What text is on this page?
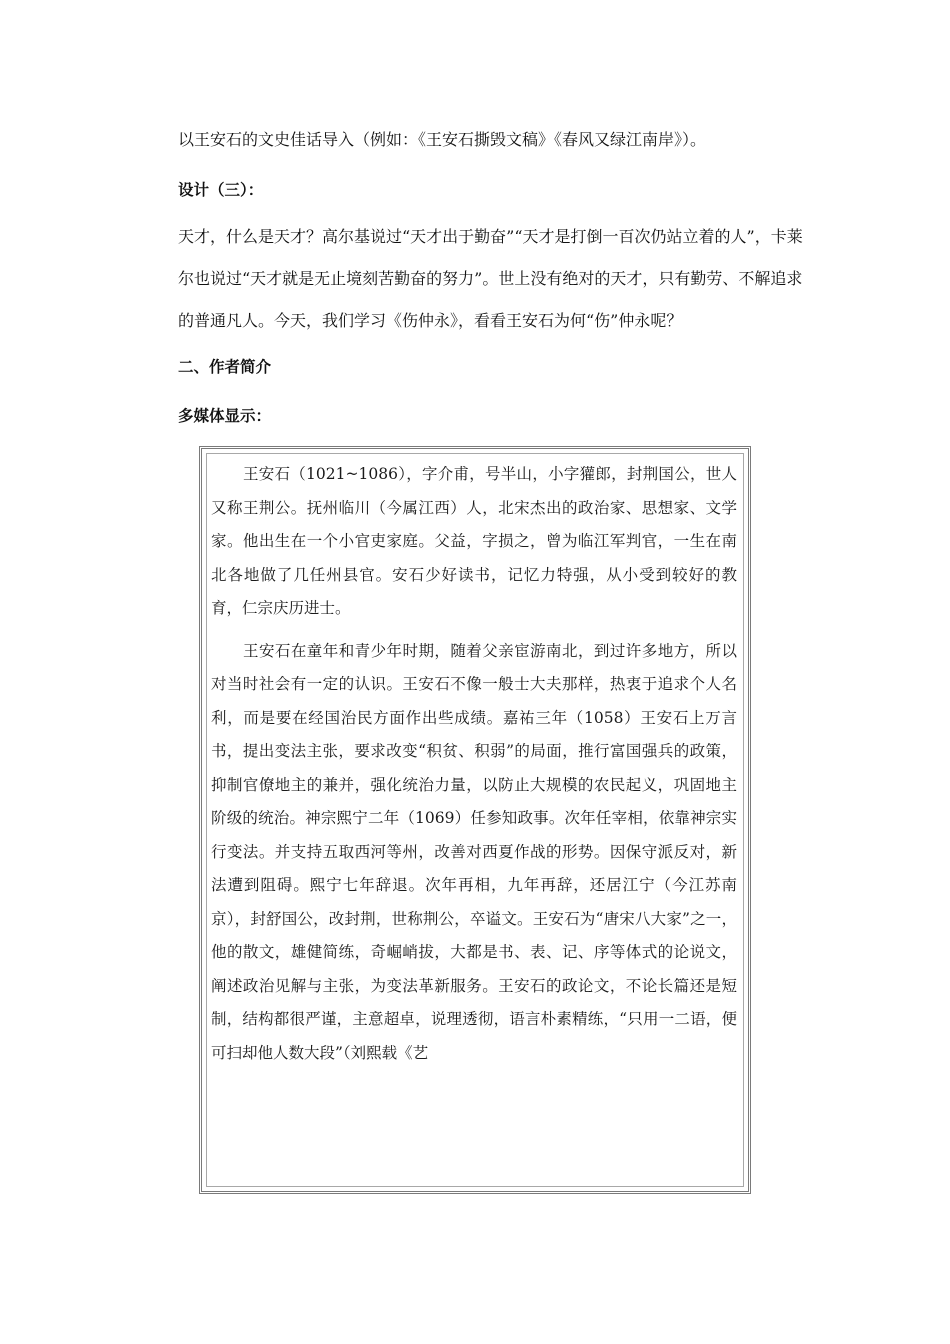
以王安石的文史佳话导入（例如：《王安石撕毁文稿》《春风又绿江南岸》）。

设计（三）：

天才，什么是天才？高尔基说过“天才出于勤奋”“天才是打倒一百次仍站立着的人”，卡莱尔也说过“天才就是无止境刻苦勤奋的努力”。世上没有绝对的天才，只有勤劳、不解追求的普通凡人。今天，我们学习《伤仲永》，看看王安石为何“伤”仲永呢？

二、作者简介

多媒体显示：

王安石（1021~1086），字介甫，号半山，小字獾郎，封荆国公，世人又称王荆公。抚州临川（今属江西）人，北宋杰出的政治家、思想家、文学家。他出生在一个小官吏家庭。父益，字损之，曾为临江军判官，一生在南北各地做了几任州县官。安石少好读书，记忆力特强，从小受到较好的教育，仁宗庆历进士。

王安石在童年和青少年时期，随着父亲宦游南北，到过许多地方，所以对当时社会有一定的认识。王安石不像一般士大夫那样，热衷于追求个人名利，而是要在经国治民方面作出些成绩。嘉祐三年（1058）王安石上万言书，提出变法主张，要求改变“积贫、积弱”的局面，推行富国强兵的政策，抑制官僚地主的兼并，强化统治力量，以防止大规模的农民起义，巩固地主阶级的统治。神宗熙宁二年（1069）任参知政事。次年任宰相，依靠神宗实行变法。并支持五取西河等州，改善对西夏作战的形势。因保守派反对，新法遭到阻碍。熙宁七年辞退。次年再相，九年再辞，还居江宁（今江苏南京），封舒国公，改封荆，世称荆公，卒谥文。王安石为“唐宋八大家”之一，他的散文，雄健简练，奇崛峭拔，大都是书、表、记、序等体式的论说文，阐述政治见解与主张，为变法革新服务。王安石的政论文，不论长篇还是短制，结构都很严谨，主意超卓，说理透彻，语言朴素精练，“只用一二语，便可扫却他人数大段”（刘熙载《艺
